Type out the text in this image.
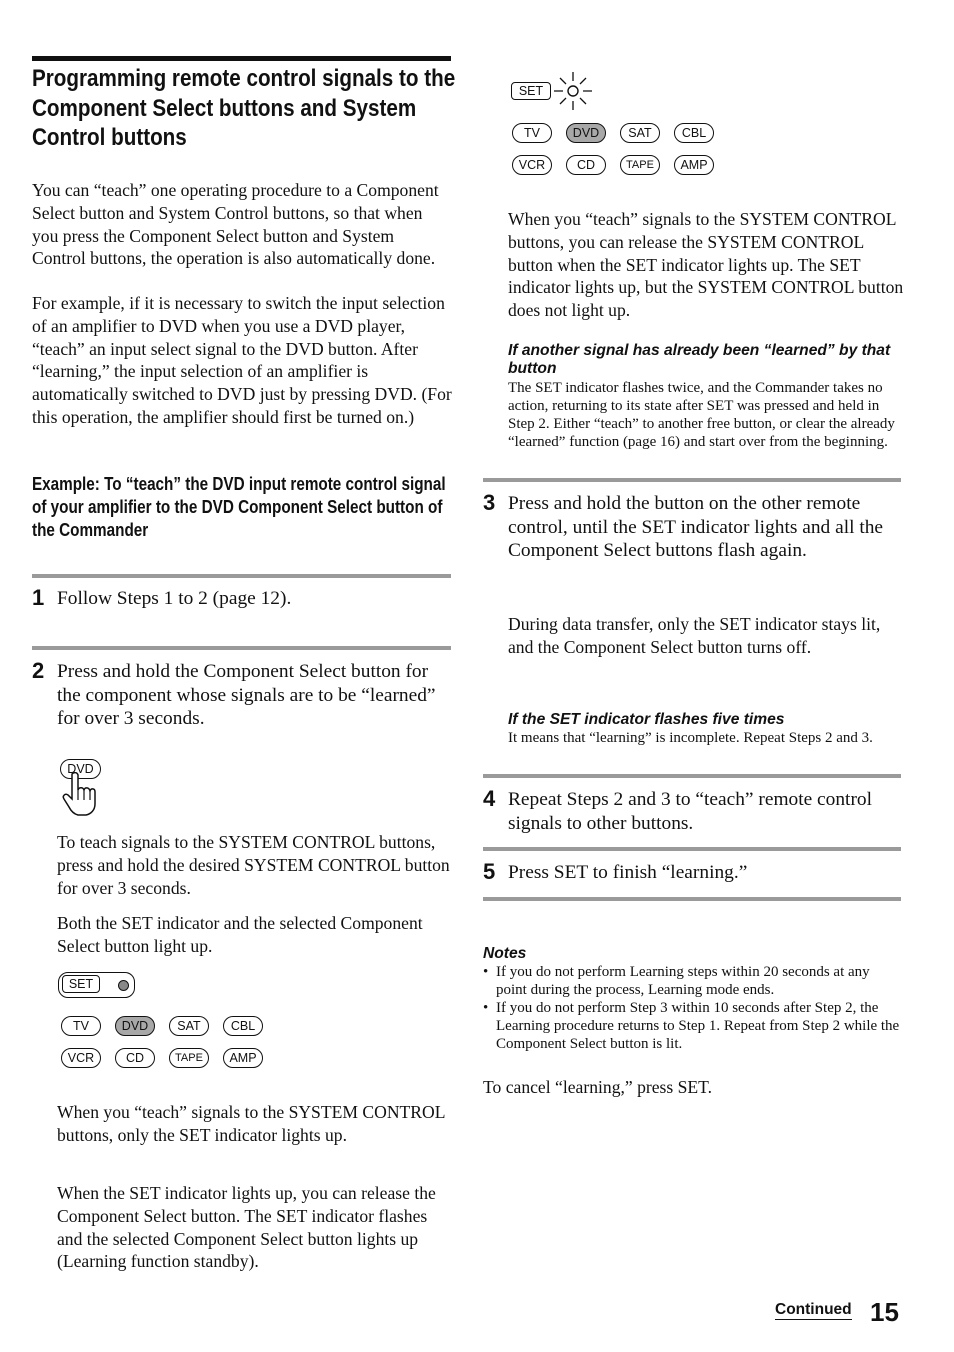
Programming remote control signals to the Component Select buttons and System Control buttons
You can “teach” one operating procedure to a Component Select button and System Control buttons, so that when you press the Component Select button and System Control buttons, the operation is also automatically done.
For example, if it is necessary to switch the input selection of an amplifier to DVD when you use a DVD player, “teach” an input select signal to the DVD button. After “learning,” the input selection of an amplifier is automatically switched to DVD just by pressing DVD. (For this operation, the amplifier should first be turned on.)
Example: To “teach” the DVD input remote control signal of your amplifier to the DVD Component Select button of the Commander
1 Follow Steps 1 to 2 (page 12).
2 Press and hold the Component Select button for the component whose signals are to be “learned” for over 3 seconds.
DVD
To teach signals to the SYSTEM CONTROL buttons, press and hold the desired SYSTEM CONTROL button for over 3 seconds.
Both the SET indicator and the selected Component Select button light up.
SET
TV	DVD	SAT	CBL
VCR	CD	TAPE	AMP
When you “teach” signals to the SYSTEM CONTROL buttons, only the SET indicator lights up.
When the SET indicator lights up, you can release the Component Select button. The SET indicator flashes and the selected Component Select button lights up (Learning function standby).
SET
TV	DVD	SAT	CBL
VCR	CD	TAPE	AMP
When you “teach” signals to the SYSTEM CONTROL buttons, you can release the SYSTEM CONTROL button when the SET indicator lights up. The SET indicator lights up, but the SYSTEM CONTROL button does not light up.
If another signal has already been “learned” by that button
The SET indicator flashes twice, and the Commander takes no action, returning to its state after SET was pressed and held in Step 2. Either “teach” to another free button, or clear the already “learned” function (page 16) and start over from the beginning.
3 Press and hold the button on the other remote control, until the SET indicator lights and all the Component Select buttons flash again.
During data transfer, only the SET indicator stays lit, and the Component Select button turns off.
If the SET indicator flashes five times
It means that “learning” is incomplete. Repeat Steps 2 and 3.
4 Repeat Steps 2 and 3 to “teach” remote control signals to other buttons.
5 Press SET to finish “learning.”
Notes
• If you do not perform Learning steps within 20 seconds at any point during the process, Learning mode ends.
• If you do not perform Step 3 within 10 seconds after Step 2, the Learning procedure returns to Step 1. Repeat from Step 2 while the Component Select button is lit.
To cancel “learning,” press SET.
Continued 15
